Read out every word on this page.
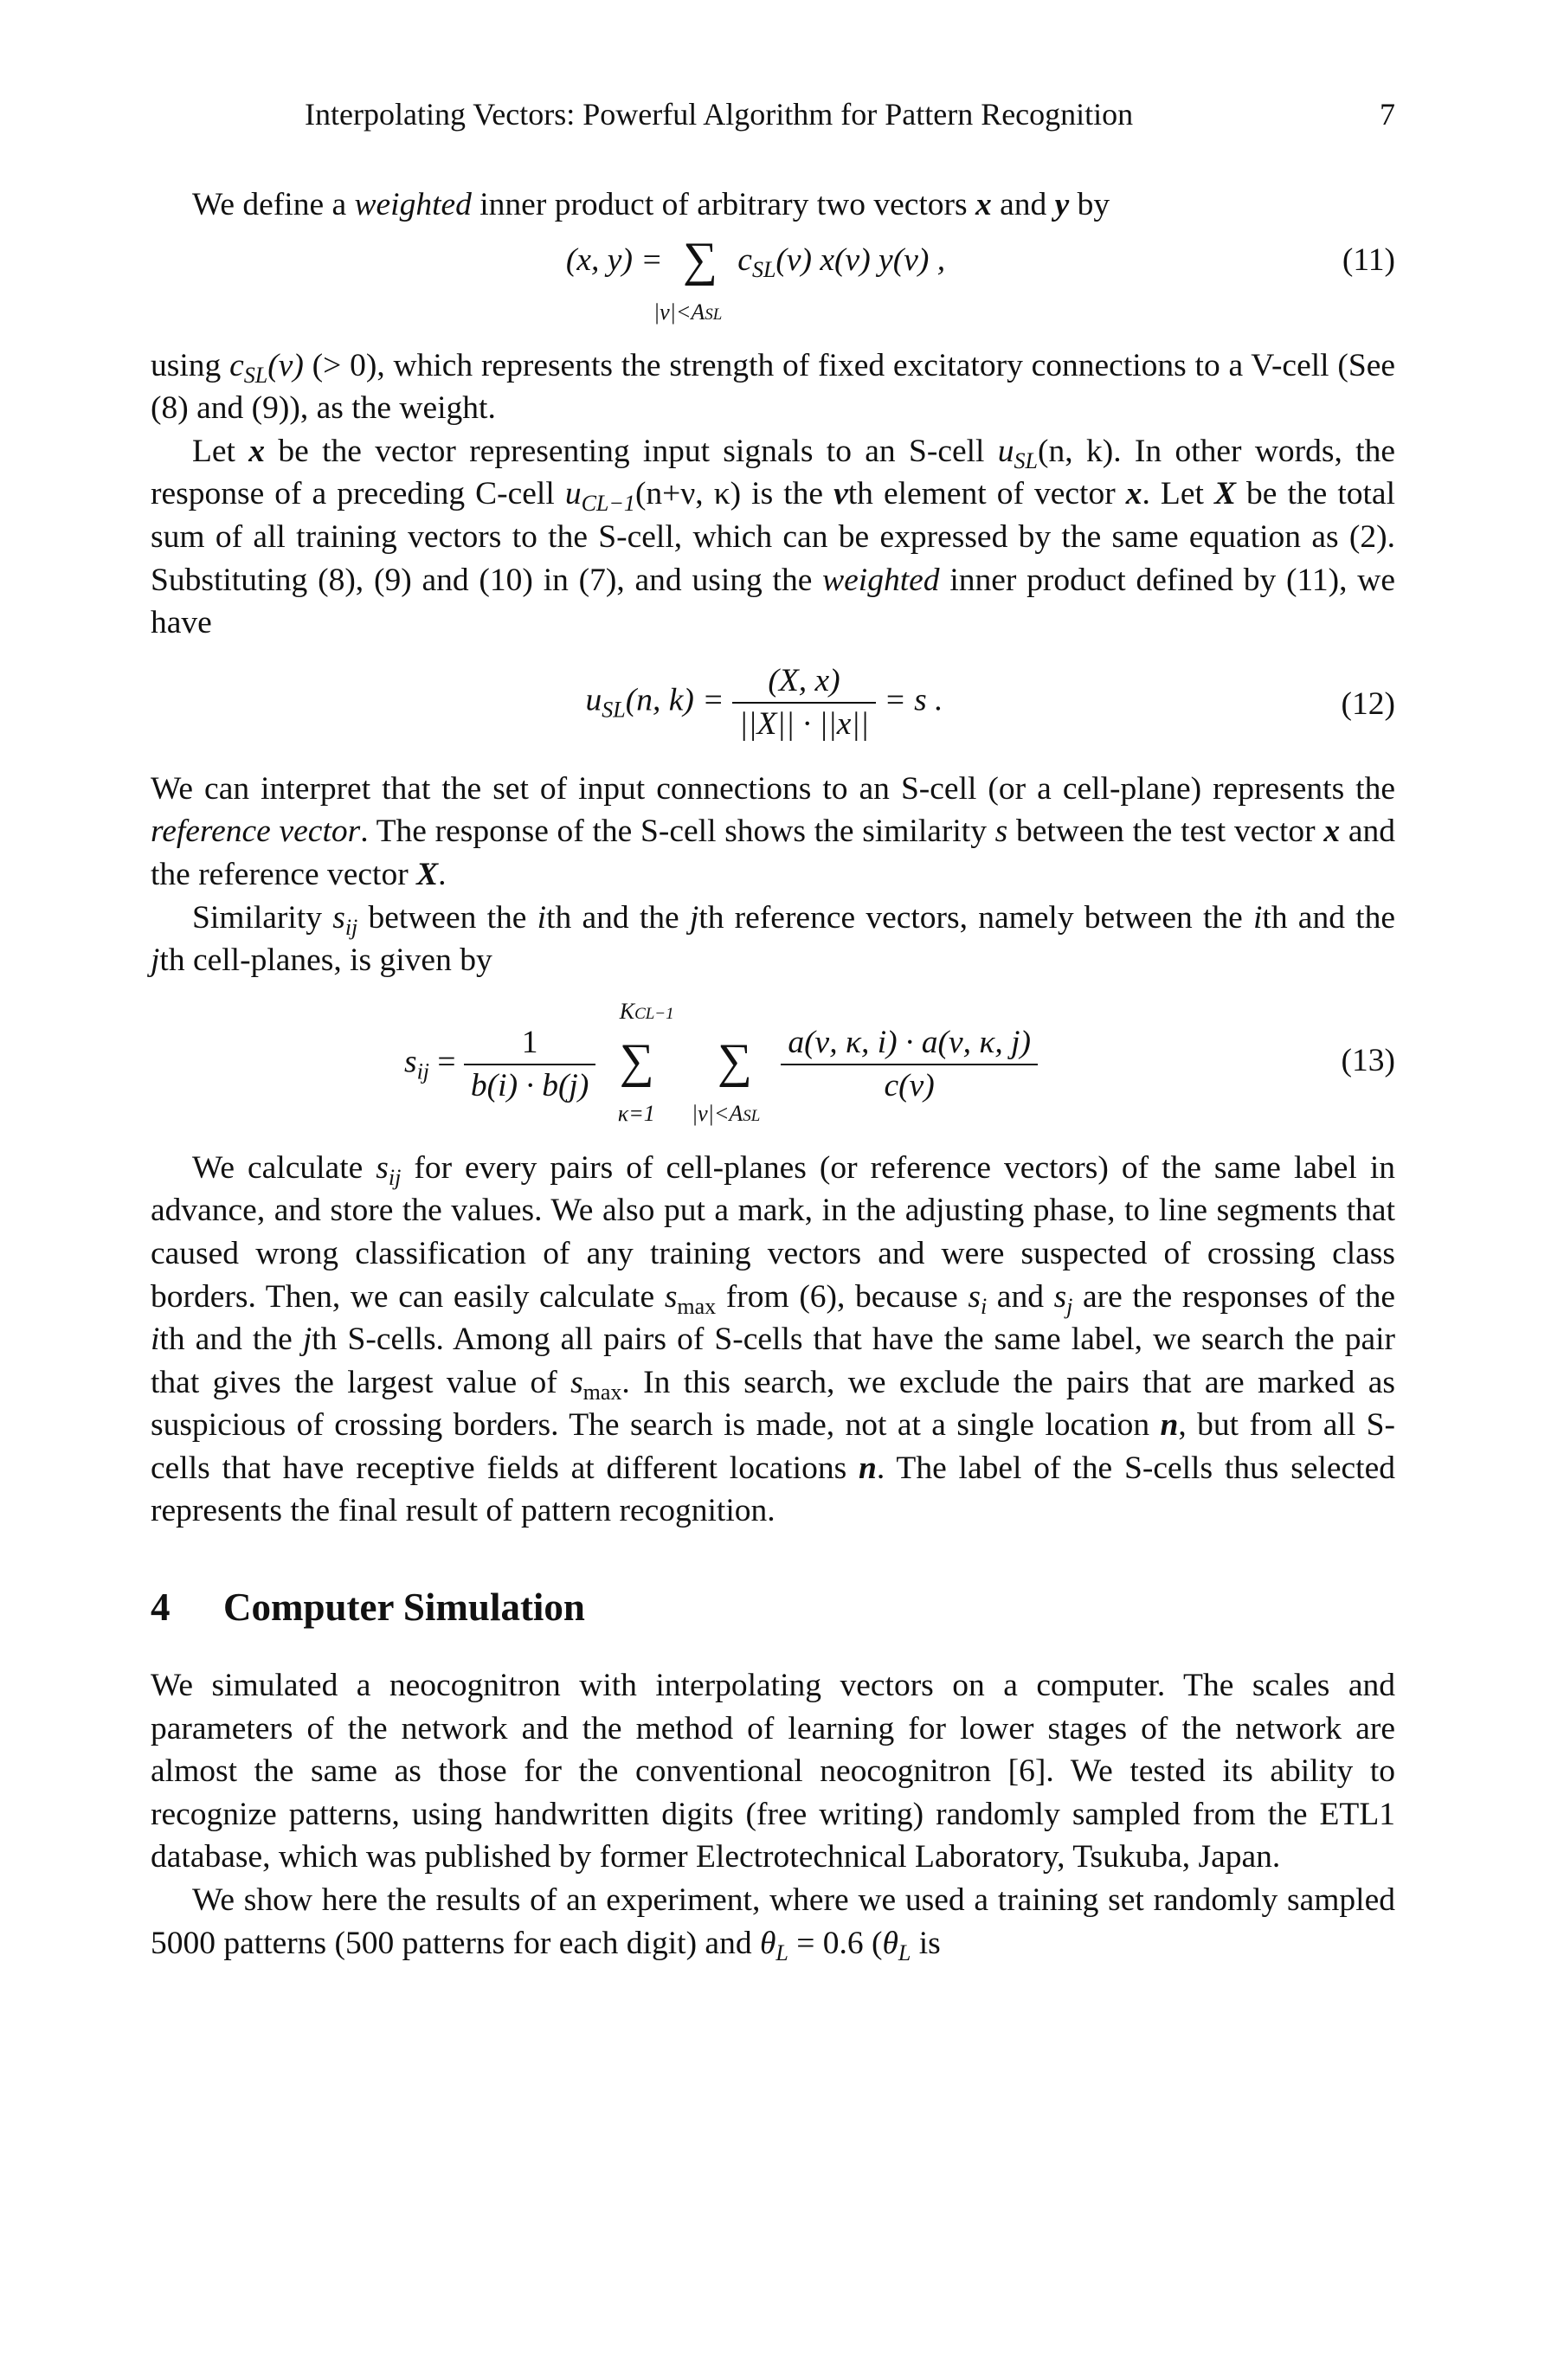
Interpolating Vectors: Powerful Algorithm for Pattern Recognition	7

We define a weighted inner product of arbitrary two vectors x and y by

(x, y) = ∑
|ν|<ASL
$c_{SL}(\nu)$ x(ν) y(ν) ,	(11)

using $c_{SL}(\nu)$ (> 0), which represents the strength of fixed excitatory connections to a V-cell (See (8) and (9)), as the weight.

Let x be the vector representing input signals to an S-cell $u_{SL}(n$, k). In other words, the response of a preceding C-cell $u_{CL-1}(n+\nu$, κ) is the νth element of vector x. Let X be the total sum of all training vectors to the S-cell, which can be expressed by the same equation as (2). Substituting (8), (9) and (10) in (7), and using the weighted inner product defined by (11), we have

$u_{SL}(n$, $k) = \frac{(X, x)}{||X|| \cdot ||x||} = s$ .	(12)

We can interpret that the set of input connections to an S-cell (or a cell-plane) represents the reference vector. The response of the S-cell shows the similarity s between the test vector x and the reference vector X.

Similarity $s_{ij}$ between the ith and the jth reference vectors, namely between the ith and the jth cell-planes, is given by

$s_{ij} = \frac{1}{b(i) \cdot b(j)}$

KCL−1
∑
κ=1
∑
|ν|<ASL

$\frac{a(\nu, \kappa, i) \cdot a(\nu, \kappa, j)}{c(\nu)}$	(13)

We calculate $s_{ij}$ for every pairs of cell-planes (or reference vectors) of the same label in advance, and store the values. We also put a mark, in the adjusting phase, to line segments that caused wrong classification of any training vectors and were suspected of crossing class borders. Then, we can easily calculate $s_{max}$ from (6), because $s_i$ and $s_j$ are the responses of the ith and the jth S-cells. Among all pairs of S-cells that have the same label, we search the pair that gives the largest value of $s_{max}$. In this search, we exclude the pairs that are marked as suspicious of crossing borders. The search is made, not at a single location n, but from all S-cells that have receptive fields at different locations n. The label of the S-cells thus selected represents the final result of pattern recognition.

4 Computer Simulation

We simulated a neocognitron with interpolating vectors on a computer. The scales and parameters of the network and the method of learning for lower stages of the network are almost the same as those for the conventional neocognitron [6]. We tested its ability to recognize patterns, using handwritten digits (free writing) randomly sampled from the ETL1 database, which was published by former Electrotechnical Laboratory, Tsukuba, Japan.

We show here the results of an experiment, where we used a training set randomly sampled 5000 patterns (500 patterns for each digit) and $\theta_L = 0.6$ ($\theta_L$ is
